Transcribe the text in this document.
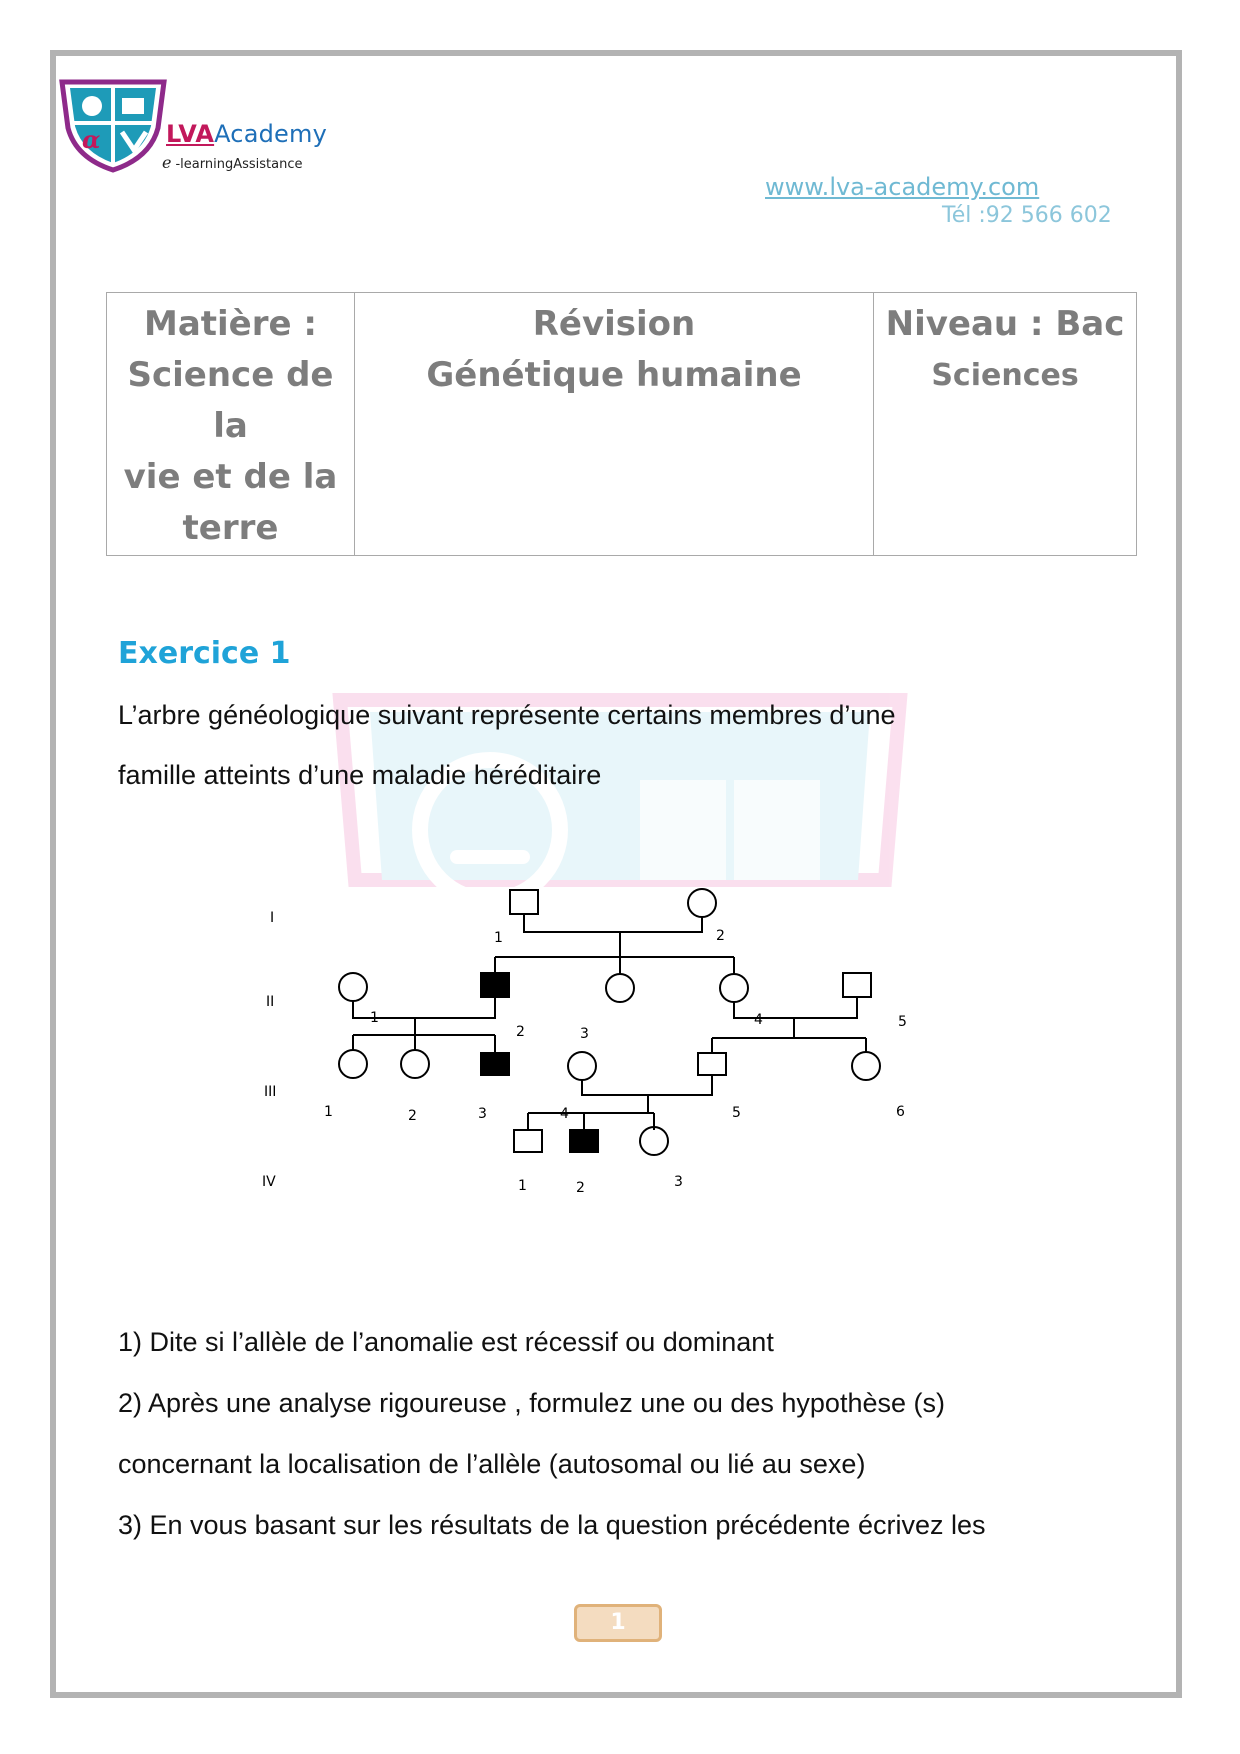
α	LVAAcademy
e -learningAssistance
www.lva-academy.com
Tél :92 566 602
Matière :
Science de la
vie et de la
terre

Révision
Génétique humaine

Niveau : Bac
Sciences
Exercice 1
L’arbre généologique suivant représente certains membres d’une
famille atteints d’une maladie héréditaire
I
II
III
IV
1	2
1
2	3
4	5
1	2	3	4	5	6
1	2	3
1) Dite si l’allèle de l’anomalie est récessif ou dominant
2) Après une analyse rigoureuse , formulez une ou des hypothèse (s)
concernant la localisation de l’allèle (autosomal ou lié au sexe)
3) En vous basant sur les résultats de la question précédente écrivez les
1
